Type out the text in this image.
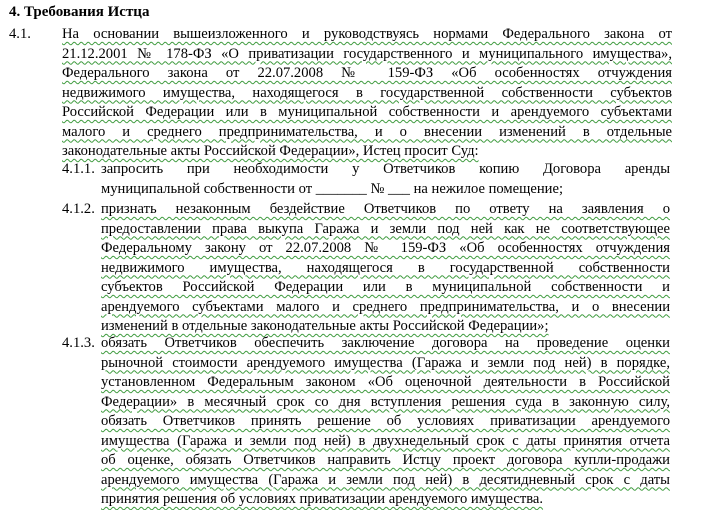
4. Требования Истца
4.1. На основании вышеизложенного и руководствуясь нормами Федерального закона от
21.12.2001 № 178-ФЗ «О приватизации государственного и муниципального имущества»,
Федерального закона от 22.07.2008 № 159-ФЗ «Об особенностях отчуждения
недвижимого имущества, находящегося в государственной собственности субъектов
Российской Федерации или в муниципальной собственности и арендуемого субъектами
малого и среднего предпринимательства, и о внесении изменений в отдельные
законодательные акты Российской Федерации», Истец просит Суд:
4.1.1. запросить при необходимости у Ответчиков копию Договора аренды
муниципальной собственности от _______ № ___ на нежилое помещение;
4.1.2. признать незаконным бездействие Ответчиков по ответу на заявления о
предоставлении права выкупа Гаража и земли под ней как не соответствующее
Федеральному закону от 22.07.2008 № 159-ФЗ «Об особенностях отчуждения
недвижимого имущества, находящегося в государственной собственности
субъектов Российской Федерации или в муниципальной собственности и
арендуемого субъектами малого и среднего предпринимательства, и о внесении
изменений в отдельные законодательные акты Российской Федерации»;
4.1.3. обязать Ответчиков обеспечить заключение договора на проведение оценки
рыночной стоимости арендуемого имущества (Гаража и земли под ней) в порядке,
установленном Федеральным законом «Об оценочной деятельности в Российской
Федерации» в месячный срок со дня вступления решения суда в законную силу,
обязать Ответчиков принять решение об условиях приватизации арендуемого
имущества (Гаража и земли под ней) в двухнедельный срок с даты принятия отчета
об оценке, обязать Ответчиков направить Истцу проект договора купли-продажи
арендуемого имущества (Гаража и земли под ней) в десятидневный срок с даты
принятия решения об условиях приватизации арендуемого имущества.
